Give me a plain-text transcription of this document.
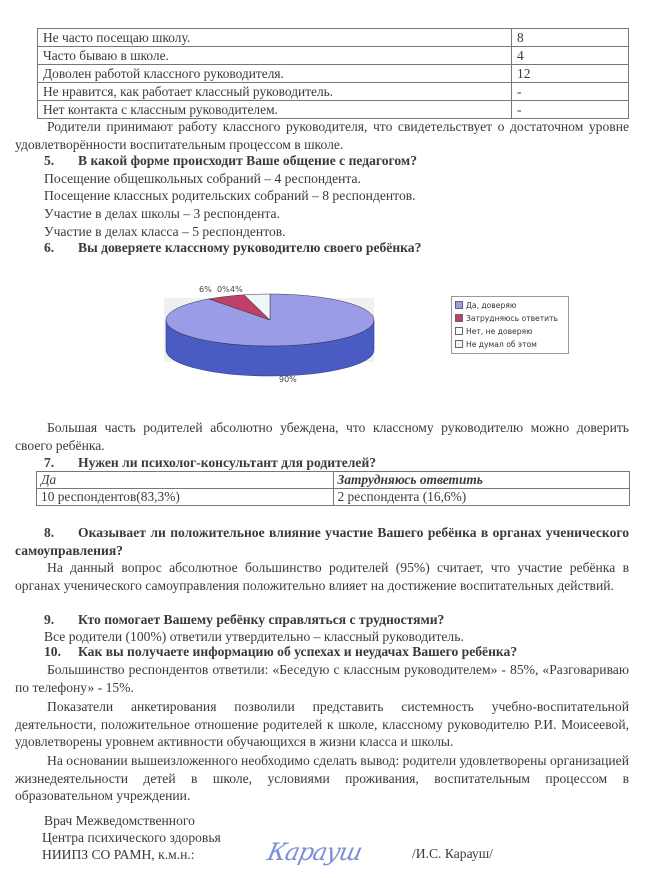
Не часто посещаю школу.	8
Часто бываю в школе.	4
Доволен работой классного руководителя.	12
Не нравится, как работает классный руководитель.	-
Нет контакта с классным руководителем.	-
Родители принимают работу классного руководителя, что свидетельствует о достаточном уровне удовлетворённости воспитательным процессом в школе.
5. В какой форме происходит Ваше общение с педагогом?
Посещение общешкольных собраний – 4 респондента.
Посещение классных родительских собраний – 8 респондентов.
Участие в делах школы – 3 респондента.
Участие в делах класса – 5 респондентов.
6. Вы доверяете классному руководителю своего ребёнка?
6% 0% 4%
90%
Да, доверяю
Затрудняюсь ответить
Нет, не доверяю
Не думал об этом
Большая часть родителей абсолютно убеждена, что классному руководителю можно доверить своего ребёнка.
7. Нужен ли психолог-консультант для родителей?
Да	Затрудняюсь ответить
10 респондентов(83,3%)	2 респондента (16,6%)
8. Оказывает ли положительное влияние участие Вашего ребёнка в органах ученического самоуправления?
На данный вопрос абсолютное большинство родителей (95%) считает, что участие ребёнка в органах ученического самоуправления положительно влияет на достижение воспитательных действий.
9. Кто помогает Вашему ребёнку справляться с трудностями?
Все родители (100%) ответили утвердительно – классный руководитель.
10. Как вы получаете информацию об успехах и неудачах Вашего ребёнка?
Большинство респондентов ответили: «Беседую с классным руководителем» - 85%, «Разговариваю по телефону» - 15%.
Показатели анкетирования позволили представить системность учебно-воспитательной деятельности, положительное отношение родителей к школе, классному руководителю Р.И. Моисеевой, удовлетворены уровнем активности обучающихся в жизни класса и школы.
На основании вышеизложенного необходимо сделать вывод: родители удовлетворены организацией жизнедеятельности детей в школе, условиями проживания, воспитательным процессом в образовательном учреждении.
Врач Межведомственного
Центра психического здоровья
НИИПЗ СО РАМН, к.м.н.:	Карауш	/И.С. Карауш/
